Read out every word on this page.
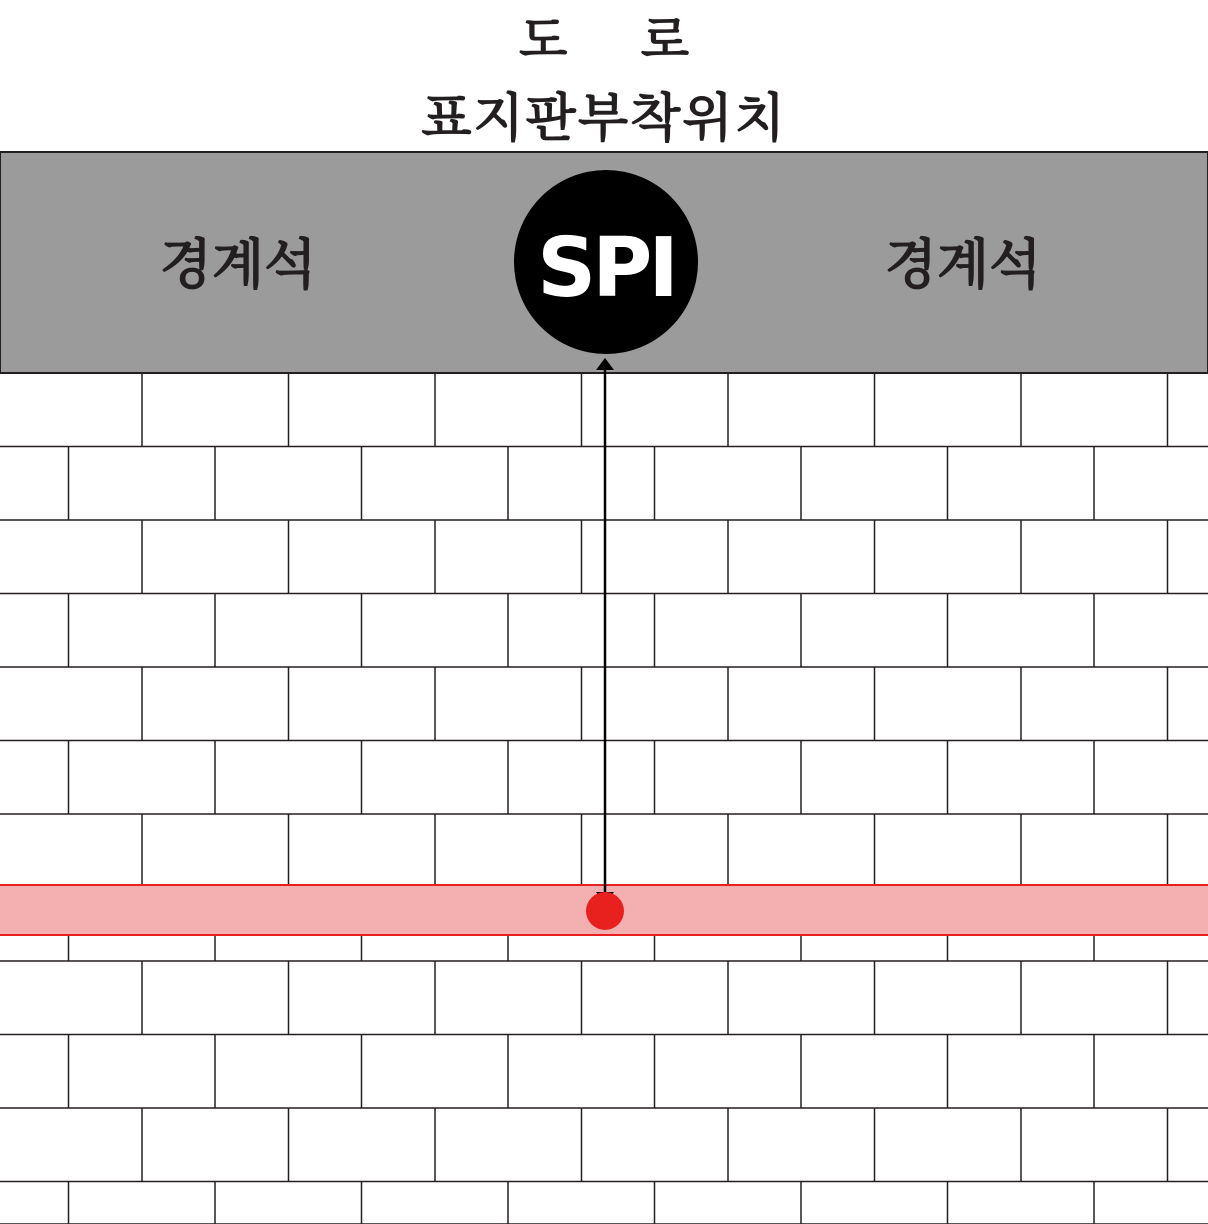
도 로
표지판부착위치
경계석	경계석
SPI
